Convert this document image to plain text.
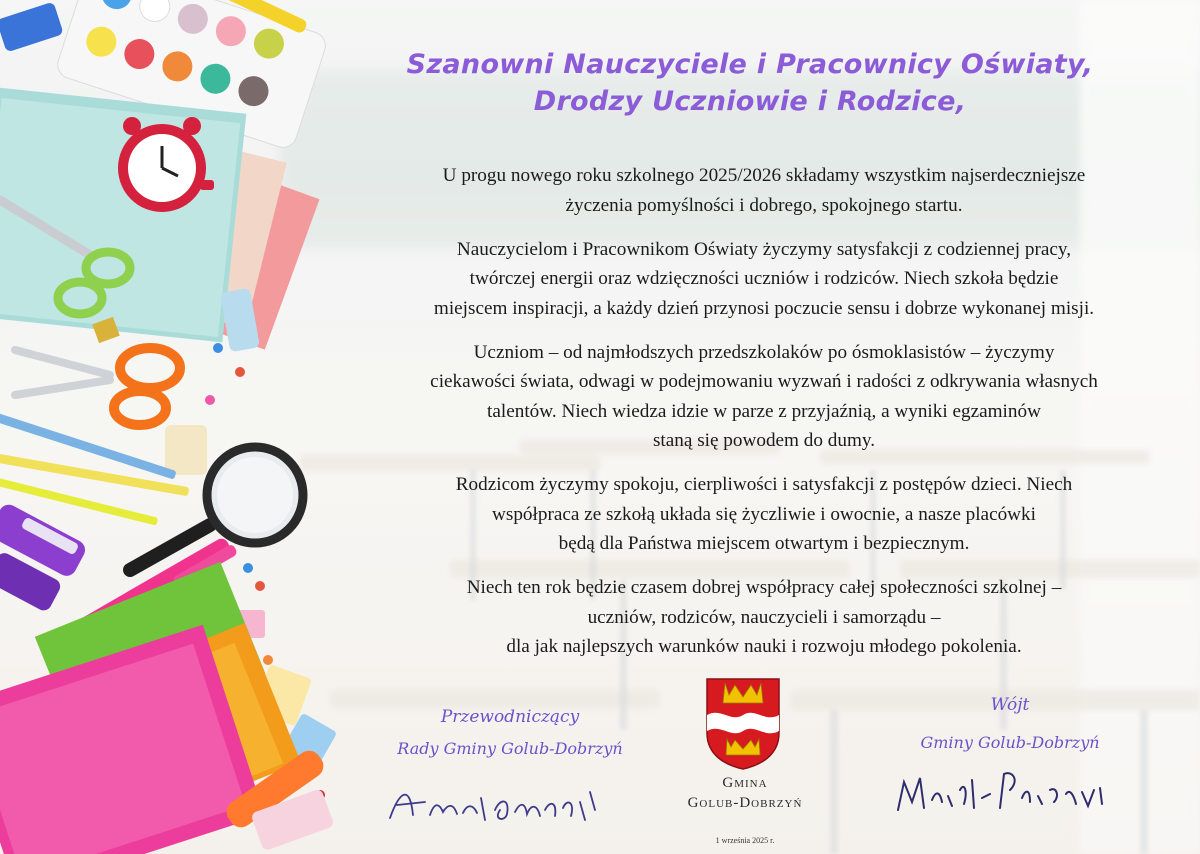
Szanowni Nauczyciele i Pracownicy Oświaty,
Drodzy Uczniowie i Rodzice,

U progu nowego roku szkolnego 2025/2026 składamy wszystkim najserdeczniejsze
życzenia pomyślności i dobrego, spokojnego startu.

Nauczycielom i Pracownikom Oświaty życzymy satysfakcji z codziennej pracy,
twórczej energii oraz wdzięczności uczniów i rodziców. Niech szkoła będzie
miejscem inspiracji, a każdy dzień przynosi poczucie sensu i dobrze wykonanej misji.

Uczniom – od najmłodszych przedszkolaków po ósmoklasistów – życzymy
ciekawości świata, odwagi w podejmowaniu wyzwań i radości z odkrywania własnych
talentów. Niech wiedza idzie w parze z przyjaźnią, a wyniki egzaminów
staną się powodem do dumy.

Rodzicom życzymy spokoju, cierpliwości i satysfakcji z postępów dzieci. Niech
współpraca ze szkołą układa się życzliwie i owocnie, a nasze placówki
będą dla Państwa miejscem otwartym i bezpiecznym.

Niech ten rok będzie czasem dobrej współpracy całej społeczności szkolnej –
uczniów, rodziców, nauczycieli i samorządu –
dla jak najlepszych warunków nauki i rozwoju młodego pokolenia.

Przewodniczący
Rady Gminy Golub-Dobrzyń
Gmina
Golub-Dobrzyń
1 września 2025 r.
Wójt
Gminy Golub-Dobrzyń
